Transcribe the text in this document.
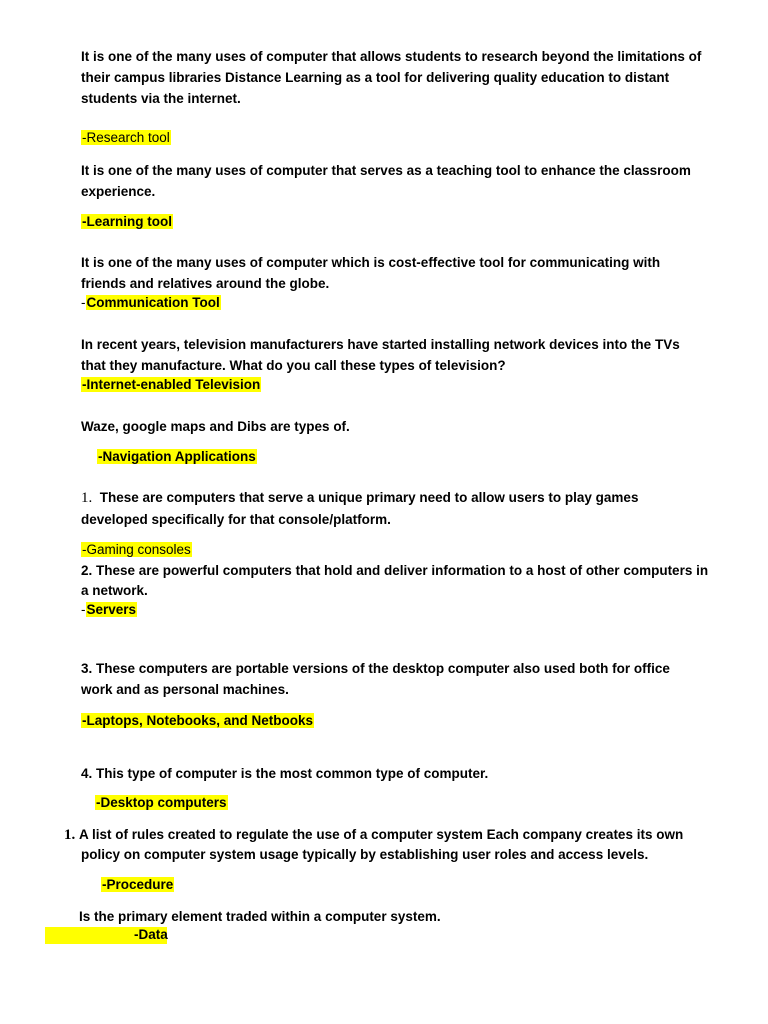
It is one of the many uses of computer that allows students to research beyond the limitations of

their campus libraries Distance Learning as a tool for delivering quality education to distant

students via the internet.

-Research tool

It is one of the many uses of computer that serves as a teaching tool to enhance the classroom

experience.

-Learning tool

It is one of the many uses of computer which is cost-effective tool for communicating with

friends and relatives around the globe.

-Communication Tool

In recent years, television manufacturers have started installing network devices into the TVs

that they manufacture. What do you call these types of television?

-Internet-enabled Television

Waze, google maps and Dibs are types of.

-Navigation Applications

1. These are computers that serve a unique primary need to allow users to play games

developed specifically for that console/platform.

-Gaming consoles

2. These are powerful computers that hold and deliver information to a host of other computers in

a network.

-Servers

3. These computers are portable versions of the desktop computer also used both for office

work and as personal machines.

-Laptops, Notebooks, and Netbooks

4. This type of computer is the most common type of computer.

-Desktop computers

1. A list of rules created to regulate the use of a computer system Each company creates its own

policy on computer system usage typically by establishing user roles and access levels.

-Procedure

Is the primary element traded within a computer system.

-Data
